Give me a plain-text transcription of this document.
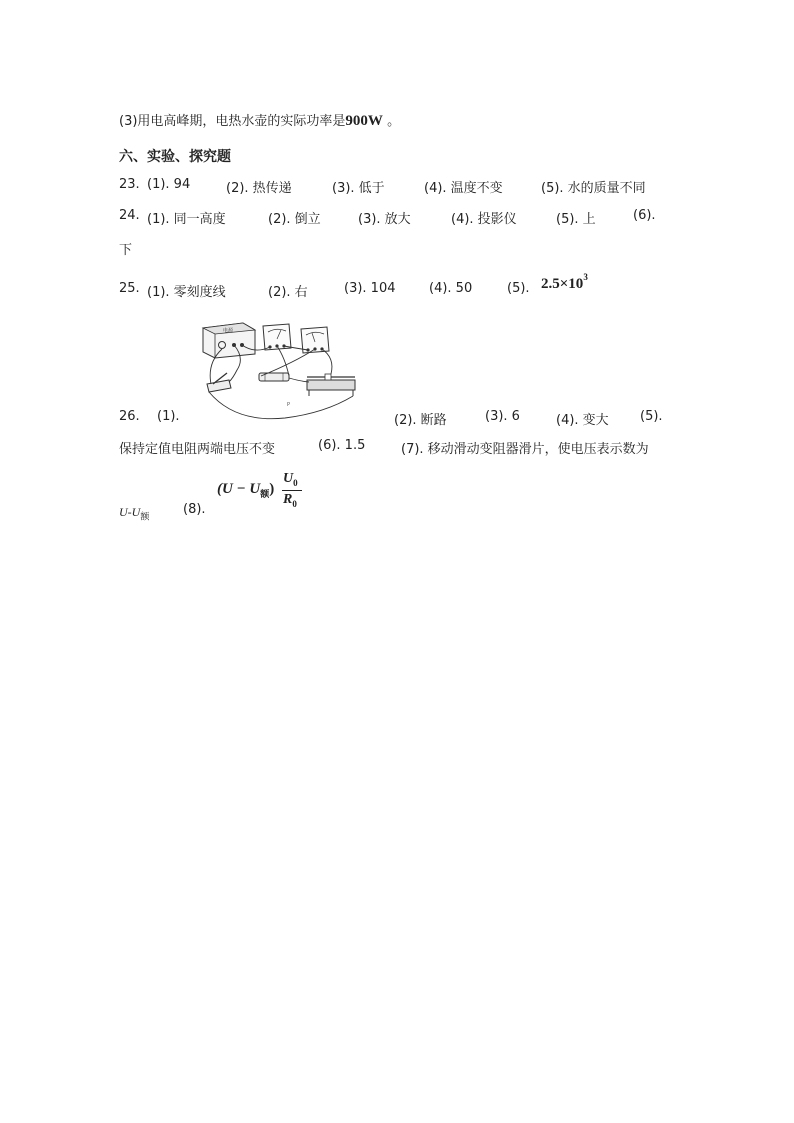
(3)用电高峰期，电热水壶的实际功率是900W 。
六、实验、探究题
23. (1). 94	(2). 热传递	(3). 低于	(4). 温度不变	(5). 水的质量不同
24. (1). 同一高度	(2). 倒立	(3). 放大	(4). 投影仪	(5). 上	(6).
下
25. (1). 零刻度线	(2). 右	(3). 104	(4). 50	(5). $2.5\times 10^3$
电源
P
26. (1).	(2). 断路	(3). 6	(4). 变大 (5).
保持定值电阻两端电压不变	(6). 1.5	(7). 移动滑动变阻器滑片，使电压表示数为
$U-U_额$	(8).
$(U - U_额)$
$U_0$
$R_0$
